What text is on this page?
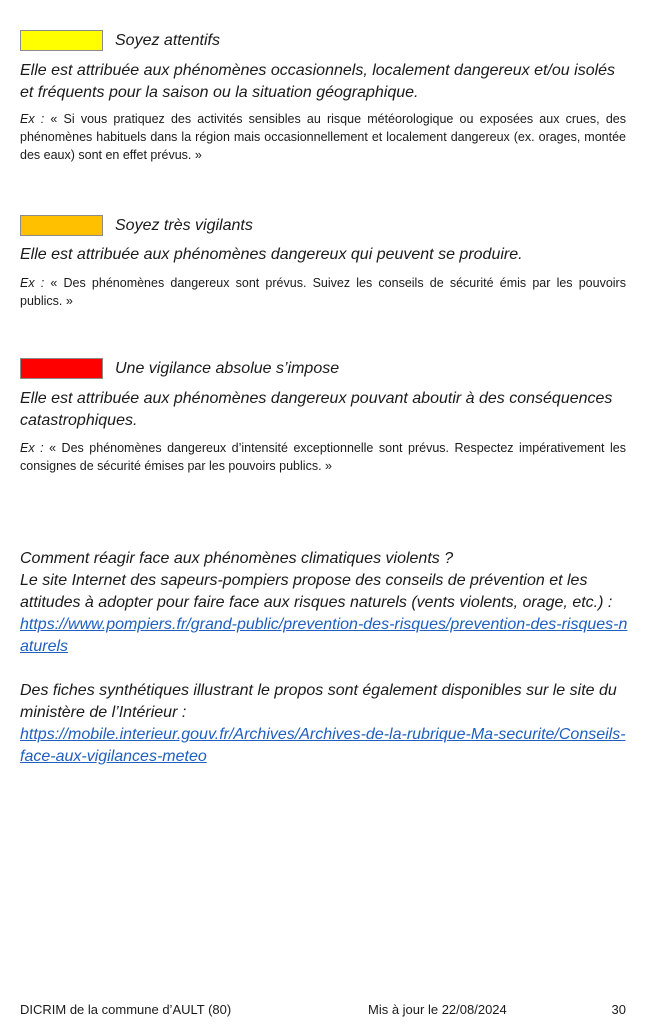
Soyez attentifs

Elle est attribuée aux phénomènes occasionnels, localement dangereux et/ou isolés et fréquents pour la saison ou la situation géographique.

Ex : « Si vous pratiquez des activités sensibles au risque météorologique ou exposées aux crues, des phénomènes habituels dans la région mais occasionnellement et localement dangereux (ex. orages, montée des eaux) sont en effet prévus. »

Soyez très vigilants

Elle est attribuée aux phénomènes dangereux qui peuvent se produire.

Ex : « Des phénomènes dangereux sont prévus. Suivez les conseils de sécurité émis par les pouvoirs publics. »

Une vigilance absolue s’impose

Elle est attribuée aux phénomènes dangereux pouvant aboutir à des conséquences catastrophiques.

Ex : « Des phénomènes dangereux d’intensité exceptionnelle sont prévus. Respectez impérativement les consignes de sécurité émises par les pouvoirs publics. »

Comment réagir face aux phénomènes climatiques violents ?

Le site Internet des sapeurs-pompiers propose des conseils de prévention et les attitudes à adopter pour faire face aux risques naturels (vents violents, orage, etc.) :

https://www.pompiers.fr/grand-public/prevention-des-risques/prevention-des-risques-naturels

Des fiches synthétiques illustrant le propos sont également disponibles sur le site du ministère de l’Intérieur :

https://mobile.interieur.gouv.fr/Archives/Archives-de-la-rubrique-Ma-securite/Conseils-face-aux-vigilances-meteo
DICRIM de la commune d’AULT (80)	Mis à jour le 22/08/2024	30
